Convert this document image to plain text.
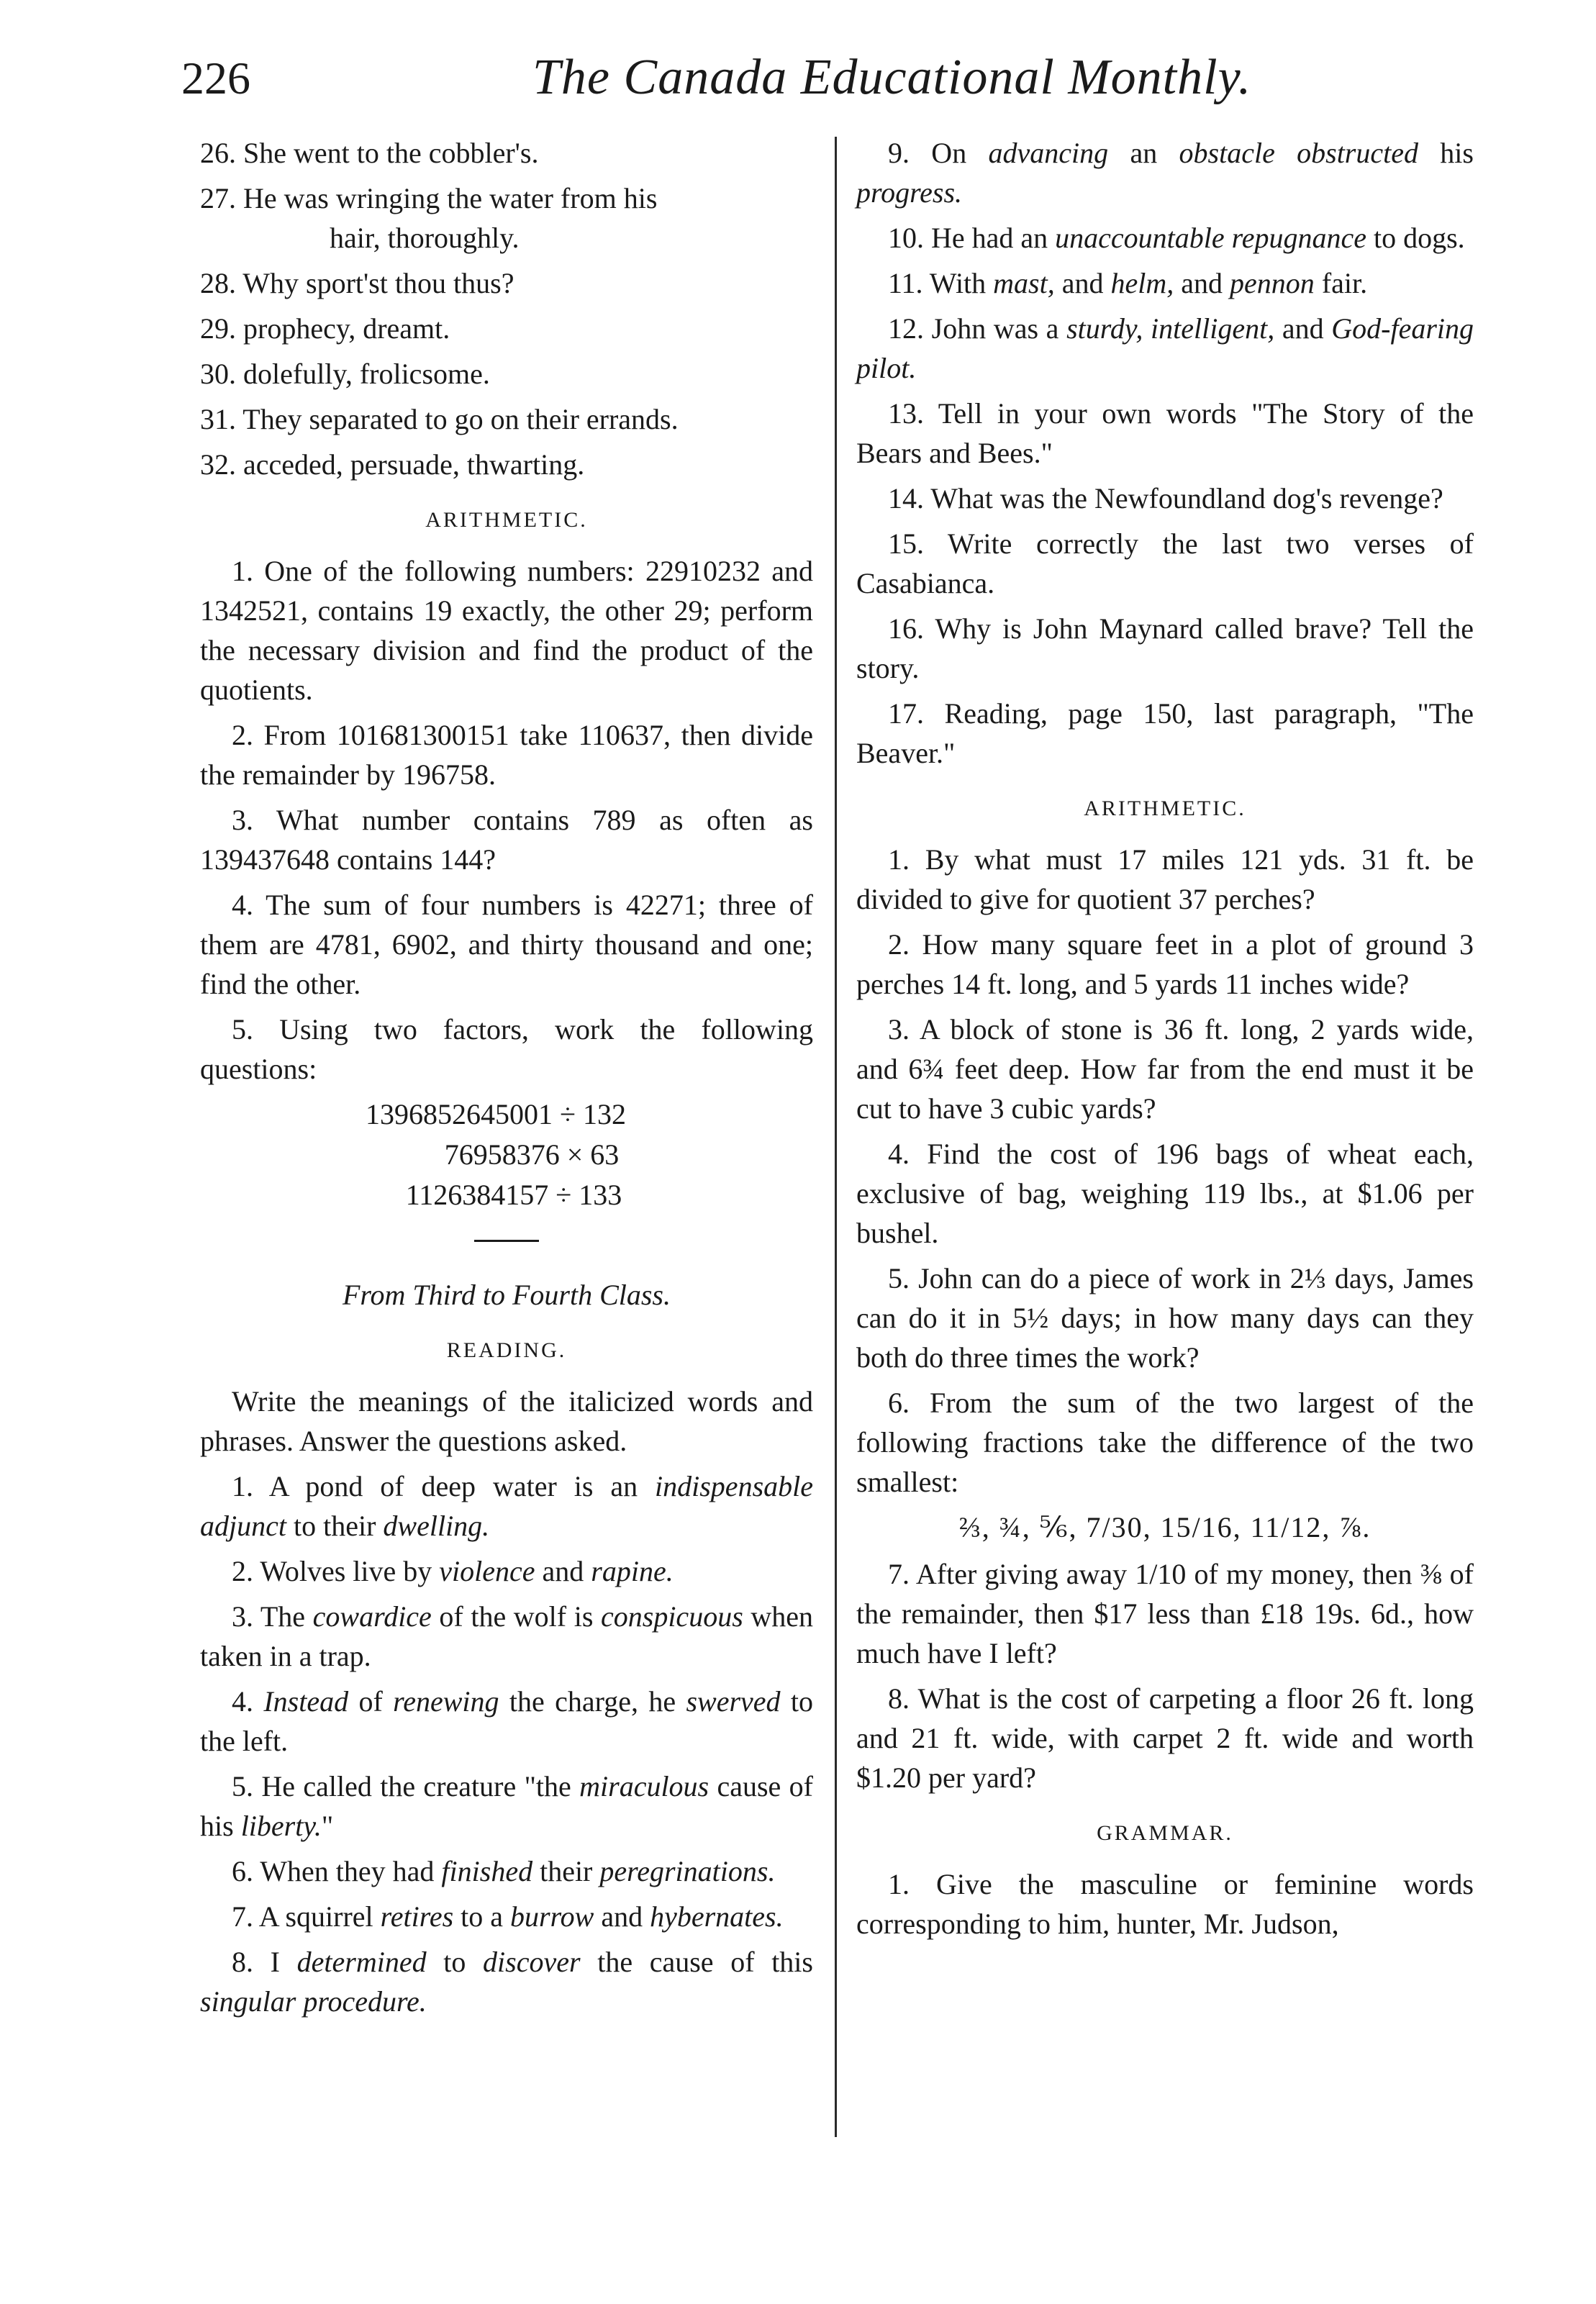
226	The Canada Educational Monthly.

26. She went to the cobbler's.

27. He was wringing the water from his

hair, thoroughly.

28. Why sport'st thou thus?

29. prophecy, dreamt.

30. dolefully, frolicsome.

31. They separated to go on their errands.

32. acceded, persuade, thwarting.

ARITHMETIC.

1. One of the following numbers: 22910232 and 1342521, contains 19 exactly, the other 29; perform the necessary division and find the product of the quotients.

2. From 101681300151 take 110637, then divide the remainder by 196758.

3. What number contains 789 as often as 139437648 contains 144?

4. The sum of four numbers is 42271; three of them are 4781, 6902, and thirty thousand and one; find the other.

5. Using two factors, work the following questions:

1396852645001 ÷ 132

76958376 × 63

1126384157 ÷ 133

From Third to Fourth Class.
READING.

Write the meanings of the italicized words and phrases. Answer the questions asked.

1. A pond of deep water is an indispensable adjunct to their dwelling.

2. Wolves live by violence and rapine.

3. The cowardice of the wolf is conspicuous when taken in a trap.

4. Instead of renewing the charge, he swerved to the left.

5. He called the creature "the miraculous cause of his liberty."

6. When they had finished their peregrinations.

7. A squirrel retires to a burrow and hybernates.

8. I determined to discover the cause of this singular procedure.

9. On advancing an obstacle obstructed his progress.

10. He had an unaccountable repugnance to dogs.

11. With mast, and helm, and pennon fair.

12. John was a sturdy, intelligent, and God-fearing pilot.

13. Tell in your own words "The Story of the Bears and Bees."

14. What was the Newfoundland dog's revenge?

15. Write correctly the last two verses of Casabianca.

16. Why is John Maynard called brave? Tell the story.

17. Reading, page 150, last paragraph, "The Beaver."

ARITHMETIC.

1. By what must 17 miles 121 yds. 31 ft. be divided to give for quotient 37 perches?

2. How many square feet in a plot of ground 3 perches 14 ft. long, and 5 yards 11 inches wide?

3. A block of stone is 36 ft. long, 2 yards wide, and 6¾ feet deep. How far from the end must it be cut to have 3 cubic yards?

4. Find the cost of 196 bags of wheat each, exclusive of bag, weighing 119 lbs., at $1.06 per bushel.

5. John can do a piece of work in 2⅓ days, James can do it in 5½ days; in how many days can they both do three times the work?

6. From the sum of the two largest of the following fractions take the difference of the two smallest:

⅔, ¾, ⅚, 7/30, 15/16, 11/12, ⅞.

7. After giving away 1/10 of my money, then ⅜ of the remainder, then $17 less than £18 19s. 6d., how much have I left?

8. What is the cost of carpeting a floor 26 ft. long and 21 ft. wide, with carpet 2 ft. wide and worth $1.20 per yard?

GRAMMAR.

1. Give the masculine or feminine words corresponding to him, hunter, Mr. Judson,
